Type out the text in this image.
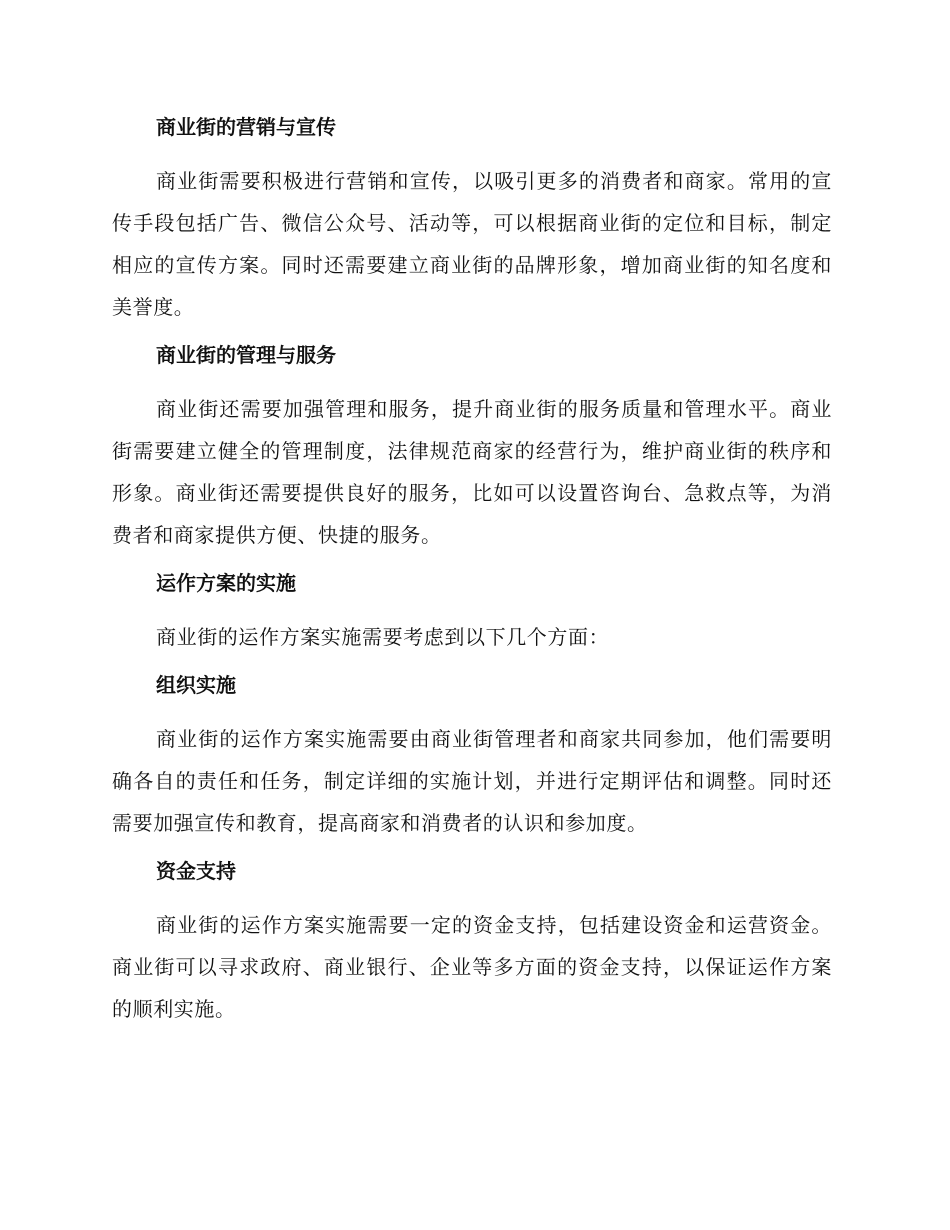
商业街的营销与宣传

商业街需要积极进行营销和宣传，以吸引更多的消费者和商家。常用的宣传手段包括广告、微信公众号、活动等，可以根据商业街的定位和目标，制定相应的宣传方案。同时还需要建立商业街的品牌形象，增加商业街的知名度和美誉度。

商业街的管理与服务

商业街还需要加强管理和服务，提升商业街的服务质量和管理水平。商业街需要建立健全的管理制度，法律规范商家的经营行为，维护商业街的秩序和形象。商业街还需要提供良好的服务，比如可以设置咨询台、急救点等，为消费者和商家提供方便、快捷的服务。

运作方案的实施

商业街的运作方案实施需要考虑到以下几个方面：

组织实施

商业街的运作方案实施需要由商业街管理者和商家共同参加，他们需要明确各自的责任和任务，制定详细的实施计划，并进行定期评估和调整。同时还需要加强宣传和教育，提高商家和消费者的认识和参加度。

资金支持

商业街的运作方案实施需要一定的资金支持，包括建设资金和运营资金。商业街可以寻求政府、商业银行、企业等多方面的资金支持，以保证运作方案的顺利实施。
